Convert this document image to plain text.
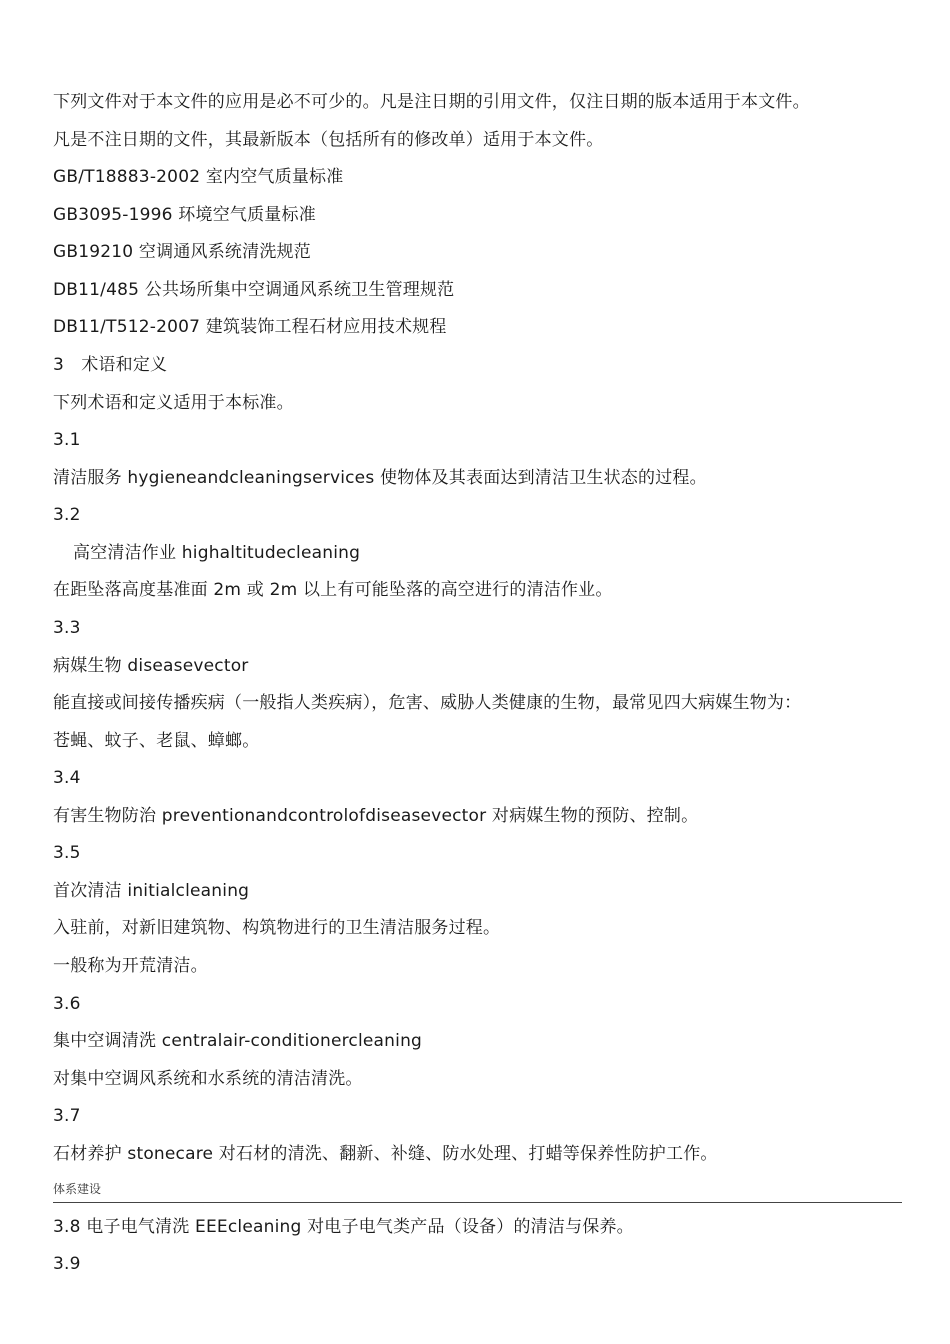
下列文件对于本文件的应用是必不可少的。凡是注日期的引用文件，仅注日期的版本适用于本文件。
凡是不注日期的文件，其最新版本（包括所有的修改单）适用于本文件。
GB/T18883-2002 室内空气质量标准
GB3095-1996 环境空气质量标准
GB19210 空调通风系统清洗规范
DB11/485 公共场所集中空调通风系统卫生管理规范
DB11/T512-2007 建筑装饰工程石材应用技术规程
3　术语和定义
下列术语和定义适用于本标准。
3.1
清洁服务 hygieneandcleaningservices 使物体及其表面达到清洁卫生状态的过程。
3.2
高空清洁作业 highaltitudecleaning
在距坠落高度基准面 2m 或 2m 以上有可能坠落的高空进行的清洁作业。
3.3
病媒生物 diseasevector
能直接或间接传播疾病（一般指人类疾病），危害、威胁人类健康的生物，最常见四大病媒生物为：
苍蝇、蚊子、老鼠、蟑螂。
3.4
有害生物防治 preventionandcontrolofdiseasevector 对病媒生物的预防、控制。
3.5
首次清洁 initialcleaning
入驻前，对新旧建筑物、构筑物进行的卫生清洁服务过程。
一般称为开荒清洁。
3.6
集中空调清洗 centralair-conditionercleaning
对集中空调风系统和水系统的清洁清洗。
3.7
石材养护 stonecare 对石材的清洗、翻新、补缝、防水处理、打蜡等保养性防护工作。
体系建设
3.8 电子电气清洗 EEEcleaning 对电子电气类产品（设备）的清洁与保养。
3.9
